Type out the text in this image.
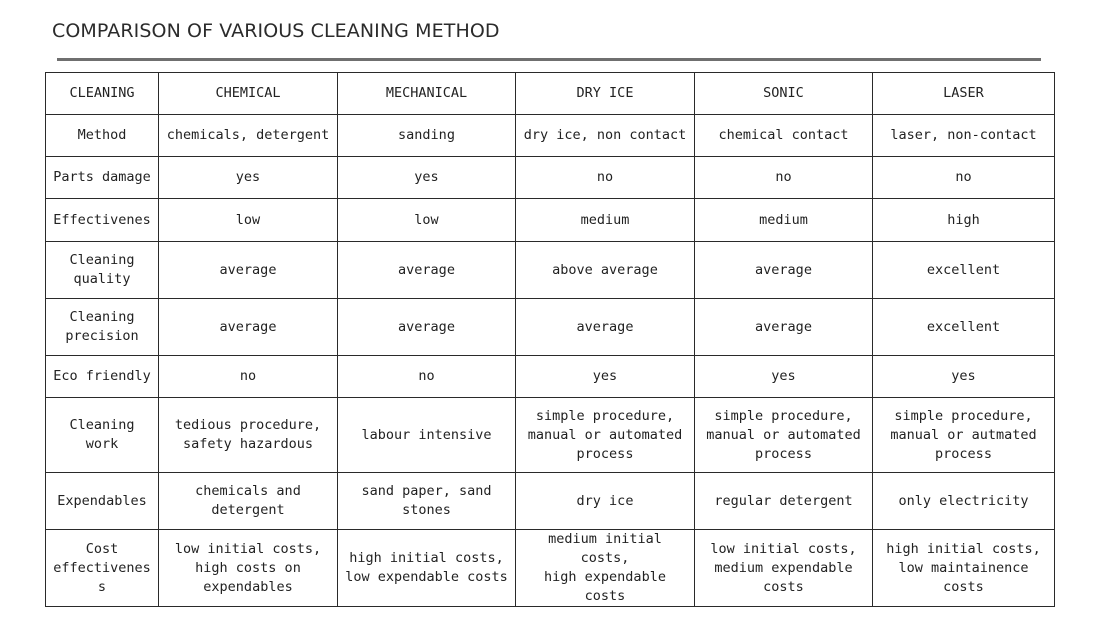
COMPARISON OF VARIOUS CLEANING METHOD
CLEANING	CHEMICAL	MECHANICAL	DRY ICE	SONIC	LASER

Method	chemicals, detergent	sanding	dry ice, non contact	chemical contact	laser, non-contact

Parts damage	yes	yes	no	no	no

Effectivenes	low	low	medium	medium	high

Cleaning
quality	average	average	above average	average	excellent

Cleaning
precision	average	average	average	average	excellent

Eco friendly	no	no	yes	yes	yes

Cleaning
work	tedious procedure,
safety hazardous	labour intensive	simple procedure,
manual or automated
process	simple procedure,
manual or automated
process	simple procedure,
manual or autmated
process

Expendables	chemicals and
detergent	sand paper, sand
stones	dry ice	regular detergent	only electricity

Cost
effectivenes
s	low initial costs,
high costs on
expendables	high initial costs,
low expendable costs	medium initial costs,
high expendable
costs	low initial costs,
medium expendable
costs	high initial costs,
low maintainence
costs
